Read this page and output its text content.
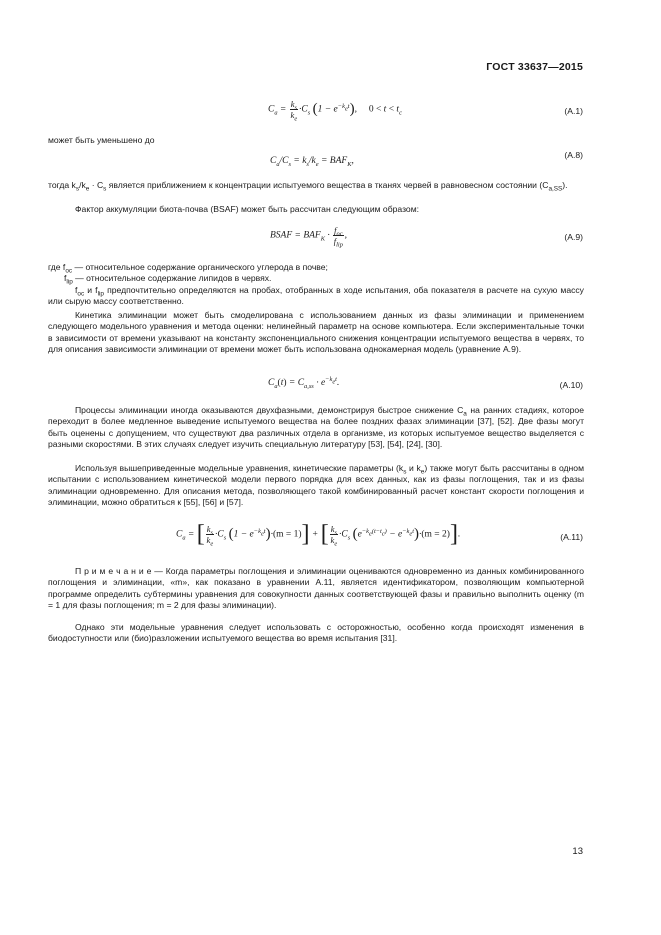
ГОСТ 33637—2015
$C_a = \frac{k_s}{k_e} \cdot C_s$ $(1 - e^{-k_et})$,     $0 < t < t_c$	(А.1)
может быть уменьшено до
$C_a/C_s = k_s/k_e = BAF_K$,
(А.8)
тогда $k_s/k_e \cdot C_s$ является приближением к концентрации испытуемого вещества в тканях червей в равновесном состоянии $(C_{a,SS})$.
Фактор аккумуляции биота-почва (BSAF) может быть рассчитан следующим образом:
BSAF = $BAF_K \cdot \frac{f_{oc}}{f_{lip}}$ ,	(А.9)
где $f_{oc}$ — относительное содержание органического углерода в почве;
$f_{lip}$ — относительное содержание липидов в червях.
$f_{oc}$ и $f_{lip}$ предпочтительно определяются на пробах, отобранных в ходе испытания, оба показателя в расчете на сухую массу или сырую массу соответственно.
Кинетика элиминации может быть смоделирована с использованием данных из фазы элиминации и применением следующего модельного уравнения и метода оценки: нелинейный параметр на основе компьютера. Если экспериментальные точки в зависимости от времени указывают на константу экспоненциального снижения концентрации испытуемого вещества в червях, то для описания зависимости элиминации от времени может быть использована однокамерная модель (уравнение А.9).
$C_a(t) = C_{a,ss} \cdot e^{-k_et}$.	(А.10)
Процессы элиминации иногда оказываются двухфазными, демонстрируя быстрое снижение $C_a$ на ранних стадиях, которое переходит в более медленное выведение испытуемого вещества на более поздних фазах элиминации [37], [52]. Две фазы могут быть оценены с допущением, что существуют два различных отдела в организме, из которых испытуемое вещество выделяется с разными скоростями. В этих случаях следует изучить специальную литературу [53], [54], [24], [30].
Используя вышеприведенные модельные уравнения, кинетические параметры ($k_s$ и $k_e$) также могут быть рассчитаны в одном испытании с использованием кинетической модели первого порядка для всех данных, как из фазы поглощения, так и из фазы элиминации одновременно. Для описания метода, позволяющего такой комбинированный расчет констант скорости поглощения и элиминации, можно обратиться к [55], [56] и [57].
$C_a$ = [ $\frac{k_s}{k_e} \cdot C_s$ $(1 - e^{-k_et})\cdot(m = 1)$] + [ $\frac{k_s}{k_e} \cdot C_s$ $(e^{-k_e(t-t_c)} - e^{-k_et})\cdot(m = 2)$].	(А.11)
П р и м е ч а н и е — Когда параметры поглощения и элиминации оцениваются одновременно из данных комбинированного поглощения и элиминации, «m», как показано в уравнении А.11, является идентификатором, позволяющим компьютерной программе определить субтермины уравнения для совокупности данных соответствующей фазы и правильно выполнить оценку (m = 1 для фазы поглощения; m = 2 для фазы элиминации).
Однако эти модельные уравнения следует использовать с осторожностью, особенно когда происходят изменения в биодоступности или (био)разложении испытуемого вещества во время испытания [31].
13
